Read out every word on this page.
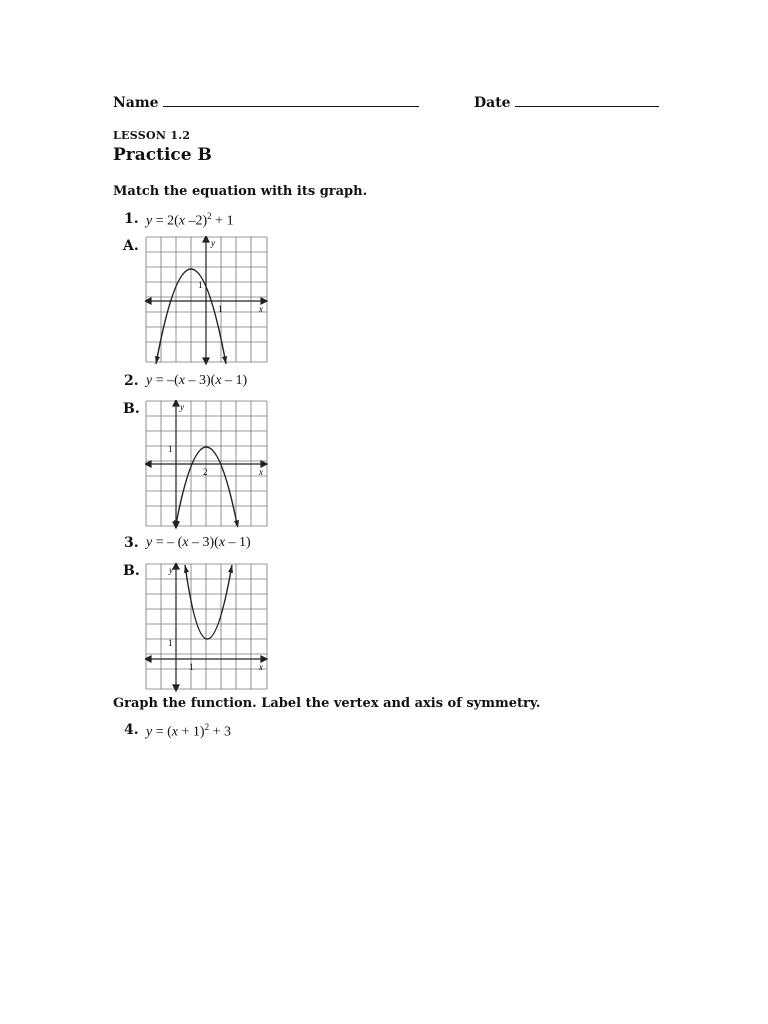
Name	Date
LESSON 1.2
Practice B
Match the equation with its graph.
1. y = 2(x –2)$^2$ + 1
A.	y
x
1
1
2. y = –(x – 3)(x – 1)
B.	y
x
1
2
3. y = – (x – 3)(x – 1)
B.	y
x
1
1
Graph the function. Label the vertex and axis of symmetry.
4. $y = (x + 1)^2 + 3$
